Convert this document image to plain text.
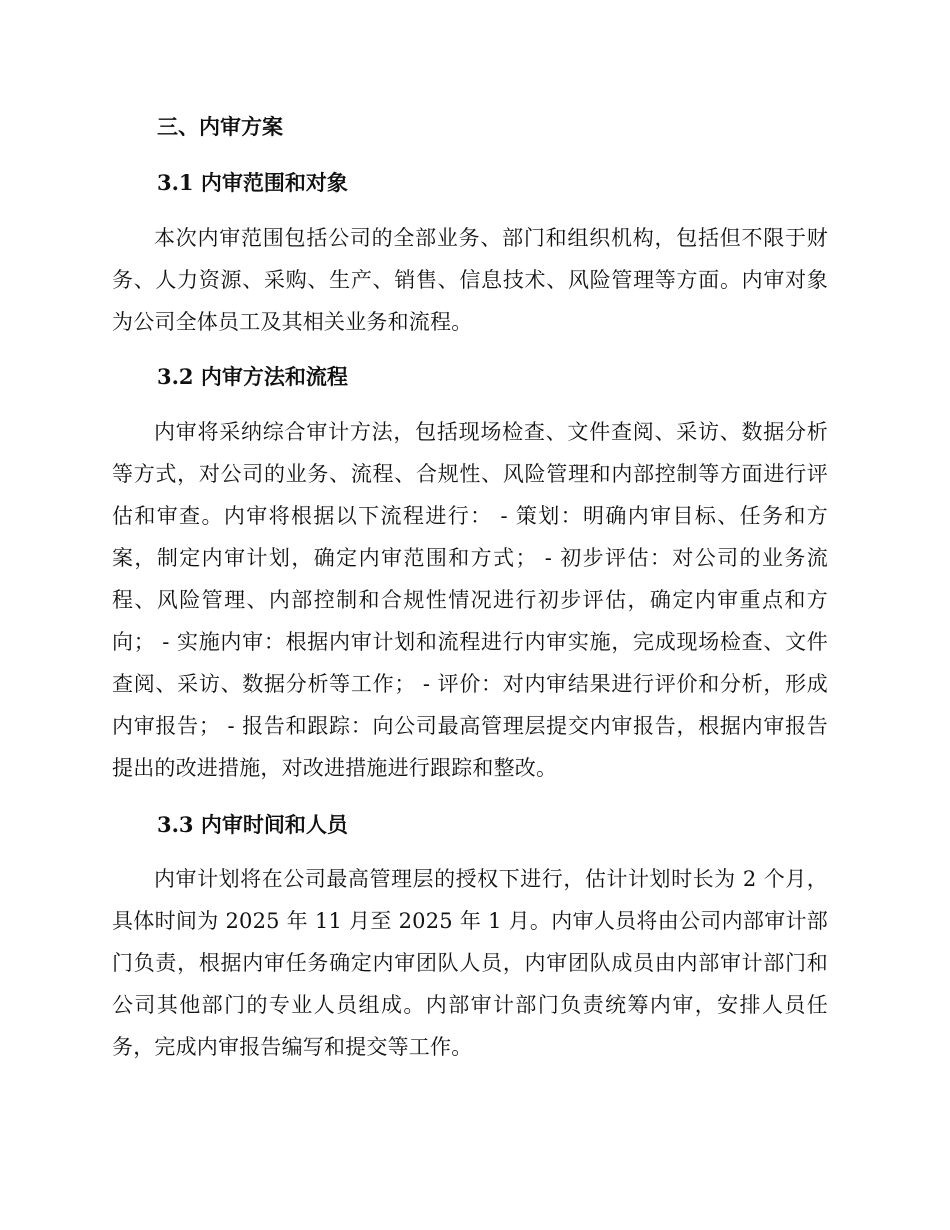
三、内审方案
3.1 内审范围和对象
本次内审范围包括公司的全部业务、部门和组织机构，包括但不限于财务、人力资源、采购、生产、销售、信息技术、风险管理等方面。内审对象为公司全体员工及其相关业务和流程。
3.2 内审方法和流程
内审将采纳综合审计方法，包括现场检查、文件查阅、采访、数据分析等方式，对公司的业务、流程、合规性、风险管理和内部控制等方面进行评估和审查。内审将根据以下流程进行： - 策划：明确内审目标、任务和方案，制定内审计划，确定内审范围和方式； - 初步评估：对公司的业务流程、风险管理、内部控制和合规性情况进行初步评估，确定内审重点和方向； - 实施内审：根据内审计划和流程进行内审实施，完成现场检查、文件查阅、采访、数据分析等工作； - 评价：对内审结果进行评价和分析，形成内审报告； - 报告和跟踪：向公司最高管理层提交内审报告，根据内审报告提出的改进措施，对改进措施进行跟踪和整改。
3.3 内审时间和人员
内审计划将在公司最高管理层的授权下进行，估计计划时长为 2 个月，具体时间为 2025 年 11 月至 2025 年 1 月。内审人员将由公司内部审计部门负责，根据内审任务确定内审团队人员，内审团队成员由内部审计部门和公司其他部门的专业人员组成。内部审计部门负责统筹内审，安排人员任务，完成内审报告编写和提交等工作。
